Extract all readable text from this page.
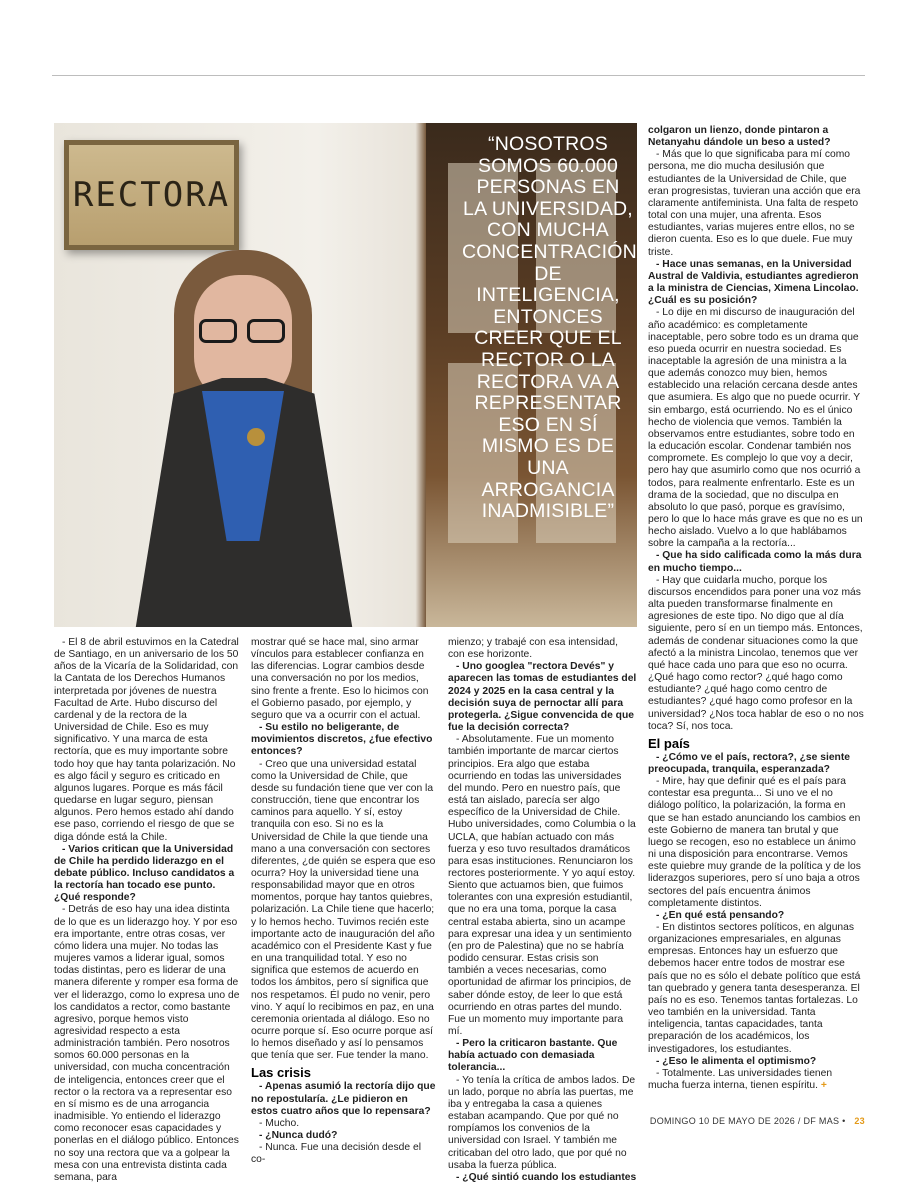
RECTORA
“NOSOTROS SOMOS 60.000 PERSONAS EN LA UNIVERSIDAD, CON MUCHA CONCENTRACIÓN DE INTELIGENCIA, ENTONCES CREER QUE EL RECTOR O LA RECTORA VA A REPRESENTAR ESO EN SÍ MISMO ES DE UNA ARROGANCIA INADMISIBLE”

- El 8 de abril estuvimos en la Catedral de Santiago, en un aniversario de los 50 años de la Vicaría de la Solidaridad, con la Cantata de los Derechos Humanos interpretada por jóvenes de nuestra Facultad de Arte. Hubo discurso del cardenal y de la rectora de la Universidad de Chile. Eso es muy significativo. Y una marca de esta rectoría, que es muy importante sobre todo hoy que hay tanta polarización. No es algo fácil y seguro es criticado en algunos lugares. Porque es más fácil quedarse en lugar seguro, piensan algunos. Pero hemos estado ahí dando ese paso, corriendo el riesgo de que se diga dónde está la Chile.

- Varios critican que la Universidad de Chile ha perdido liderazgo en el debate público. Incluso candidatos a la rectoría han tocado ese punto. ¿Qué responde?

- Detrás de eso hay una idea distinta de lo que es un liderazgo hoy. Y por eso era importante, entre otras cosas, ver cómo lidera una mujer. No todas las mujeres vamos a liderar igual, somos todas distintas, pero es liderar de una manera diferente y romper esa forma de ver el liderazgo, como lo expresa uno de los candidatos a rector, como bastante agresivo, porque hemos visto agresividad respecto a esta administración también. Pero nosotros somos 60.000 personas en la universidad, con mucha concentración de inteligencia, entonces creer que el rector o la rectora va a representar eso en sí mismo es de una arrogancia inadmisible. Yo entiendo el liderazgo como reconocer esas capacidades y ponerlas en el diálogo público. Entonces no soy una rectora que va a golpear la mesa con una entrevista distinta cada semana, para

mostrar qué se hace mal, sino armar vínculos para establecer confianza en las diferencias. Lograr cambios desde una conversación no por los medios, sino frente a frente. Eso lo hicimos con el Gobierno pasado, por ejemplo, y seguro que va a ocurrir con el actual.

- Su estilo no beligerante, de movimientos discretos, ¿fue efectivo entonces?

- Creo que una universidad estatal como la Universidad de Chile, que desde su fundación tiene que ver con la construcción, tiene que encontrar los caminos para aquello. Y sí, estoy tranquila con eso. Si no es la Universidad de Chile la que tiende una mano a una conversación con sectores diferentes, ¿de quién se espera que eso ocurra? Hoy la universidad tiene una responsabilidad mayor que en otros momentos, porque hay tantos quiebres, polarización. La Chile tiene que hacerlo; y lo hemos hecho. Tuvimos recién este importante acto de inauguración del año académico con el Presidente Kast y fue en una tranquilidad total. Y eso no significa que estemos de acuerdo en todos los ámbitos, pero sí significa que nos respetamos. Él pudo no venir, pero vino. Y aquí lo recibimos en paz, en una ceremonia orientada al diálogo. Eso no ocurre porque sí. Eso ocurre porque así lo hemos diseñado y así lo pensamos que tenía que ser. Fue tender la mano.

Las crisis

- Apenas asumió la rectoría dijo que no repostularía. ¿Le pidieron en estos cuatro años que lo repensara?

- Mucho.

- ¿Nunca dudó?

- Nunca. Fue una decisión desde el co-

mienzo; y trabajé con esa intensidad, con ese horizonte.

- Uno googlea "rectora Devés" y aparecen las tomas de estudiantes del 2024 y 2025 en la casa central y la decisión suya de pernoctar allí para protegerla. ¿Sigue convencida de que fue la decisión correcta?

- Absolutamente. Fue un momento también importante de marcar ciertos principios. Era algo que estaba ocurriendo en todas las universidades del mundo. Pero en nuestro país, que está tan aislado, parecía ser algo específico de la Universidad de Chile. Hubo universidades, como Columbia o la UCLA, que habían actuado con más fuerza y eso tuvo resultados dramáticos para esas instituciones. Renunciaron los rectores posteriormente. Y yo aquí estoy. Siento que actuamos bien, que fuimos tolerantes con una expresión estudiantil, que no era una toma, porque la casa central estaba abierta, sino un acampe para expresar una idea y un sentimiento (en pro de Palestina) que no se habría podido censurar. Estas crisis son también a veces necesarias, como oportunidad de afirmar los principios, de saber dónde estoy, de leer lo que está ocurriendo en otras partes del mundo. Fue un momento muy importante para mí.

- Pero la criticaron bastante. Que había actuado con demasiada tolerancia...

- Yo tenía la crítica de ambos lados. De un lado, porque no abría las puertas, me iba y entregaba la casa a quienes estaban acampando. Que por qué no rompíamos los convenios de la universidad con Israel. Y también me criticaban del otro lado, que por qué no usaba la fuerza pública.

- ¿Qué sintió cuando los estudiantes

colgaron un lienzo, donde pintaron a Netanyahu dándole un beso a usted?

- Más que lo que significaba para mí como persona, me dio mucha desilusión que estudiantes de la Universidad de Chile, que eran progresistas, tuvieran una acción que era claramente antifeminista. Una falta de respeto total con una mujer, una afrenta. Esos estudiantes, varias mujeres entre ellos, no se dieron cuenta. Eso es lo que duele. Fue muy triste.

- Hace unas semanas, en la Universidad Austral de Valdivia, estudiantes agredieron a la ministra de Ciencias, Ximena Lincolao. ¿Cuál es su posición?

- Lo dije en mi discurso de inauguración del año académico: es completamente inaceptable, pero sobre todo es un drama que eso pueda ocurrir en nuestra sociedad. Es inaceptable la agresión de una ministra a la que además conozco muy bien, hemos establecido una relación cercana desde antes que asumiera. Es algo que no puede ocurrir. Y sin embargo, está ocurriendo. No es el único hecho de violencia que vemos. También la observamos entre estudiantes, sobre todo en la educación escolar. Condenar también nos compromete. Es complejo lo que voy a decir, pero hay que asumirlo como que nos ocurrió a todos, para realmente enfrentarlo. Este es un drama de la sociedad, que no disculpa en absoluto lo que pasó, porque es gravísimo, pero lo que lo hace más grave es que no es un hecho aislado. Vuelvo a lo que hablábamos sobre la campaña a la rectoría...

- Que ha sido calificada como la más dura en mucho tiempo...

- Hay que cuidarla mucho, porque los discursos encendidos para poner una voz más alta pueden transformarse finalmente en agresiones de este tipo. No digo que al día siguiente, pero sí en un tiempo más. Entonces, además de condenar situaciones como la que afectó a la ministra Lincolao, tenemos que ver qué hace cada uno para que eso no ocurra. ¿Qué hago como rector? ¿qué hago como estudiante? ¿qué hago como centro de estudiantes? ¿qué hago como profesor en la universidad? ¿Nos toca hablar de eso o no nos toca? Sí, nos toca.

El país

- ¿Cómo ve el país, rectora?, ¿se siente preocupada, tranquila, esperanzada?

- Mire, hay que definir qué es el país para contestar esa pregunta... Si uno ve el no diálogo político, la polarización, la forma en que se han estado anunciando los cambios en este Gobierno de manera tan brutal y que luego se recogen, eso no establece un ánimo ni una disposición para encontrarse. Vemos este quiebre muy grande de la política y de los liderazgos superiores, pero sí uno baja a otros sectores del país encuentra ánimos completamente distintos.

- ¿En qué está pensando?

- En distintos sectores políticos, en algunas organizaciones empresariales, en algunas empresas. Entonces hay un esfuerzo que debemos hacer entre todos de mostrar ese país que no es sólo el debate político que está tan quebrado y genera tanta desesperanza. El país no es eso. Tenemos tantas fortalezas. Lo veo también en la universidad. Tanta inteligencia, tantas capacidades, tanta preparación de los académicos, los investigadores, los estudiantes.

- ¿Eso le alimenta el optimismo?

- Totalmente. Las universidades tienen mucha fuerza interna, tienen espíritu. +

DOMINGO 10 DE MAYO DE 2026 / DF MAS • 23
